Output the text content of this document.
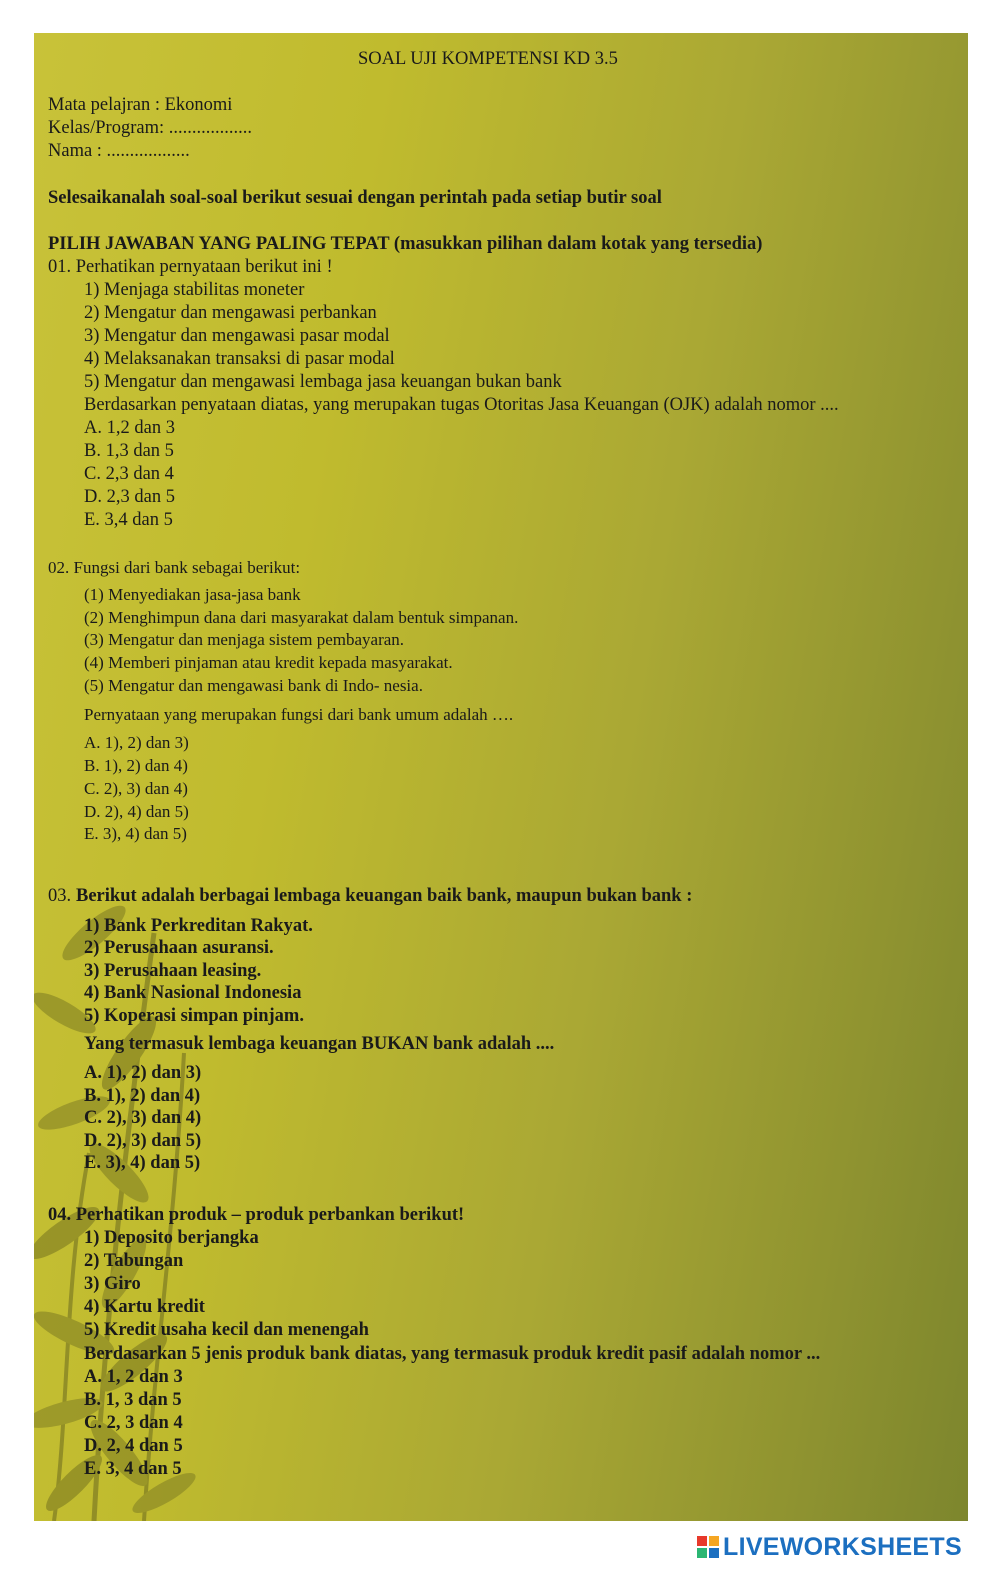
SOAL UJI KOMPETENSI KD 3.5
Mata pelajran : Ekonomi
Kelas/Program: ..................
Nama : ..................
Selesaikanalah soal-soal berikut sesuai dengan perintah pada setiap butir soal
PILIH JAWABAN YANG PALING TEPAT (masukkan pilihan dalam kotak yang tersedia)
01. Perhatikan pernyataan berikut ini !
1) Menjaga stabilitas moneter
2) Mengatur dan mengawasi perbankan
3) Mengatur dan mengawasi pasar modal
4) Melaksanakan transaksi di pasar modal
5) Mengatur dan mengawasi lembaga jasa keuangan bukan bank
Berdasarkan penyataan diatas, yang merupakan tugas Otoritas Jasa Keuangan (OJK) adalah nomor ....
A. 1,2 dan 3
B. 1,3 dan 5
C. 2,3 dan 4
D. 2,3 dan 5
E. 3,4 dan 5
02. Fungsi dari bank sebagai berikut:
(1) Menyediakan jasa-jasa bank
(2) Menghimpun dana dari masyarakat dalam bentuk simpanan.
(3) Mengatur dan menjaga sistem pembayaran.
(4) Memberi pinjaman atau kredit kepada masyarakat.
(5) Mengatur dan mengawasi bank di Indo- nesia.
Pernyataan yang merupakan fungsi dari bank umum adalah ….
A. 1), 2) dan 3)
B. 1), 2) dan 4)
C. 2), 3) dan 4)
D. 2), 4) dan 5)
E. 3), 4) dan 5)
03. Berikut adalah berbagai lembaga keuangan baik bank, maupun bukan bank :
1) Bank Perkreditan Rakyat.
2) Perusahaan asuransi.
3) Perusahaan leasing.
4) Bank Nasional Indonesia
5) Koperasi simpan pinjam.
Yang termasuk lembaga keuangan BUKAN bank adalah ....
A. 1), 2) dan 3)
B. 1), 2) dan 4)
C. 2), 3) dan 4)
D. 2), 3) dan 5)
E. 3), 4) dan 5)
04. Perhatikan produk – produk perbankan berikut!
1) Deposito berjangka
2) Tabungan
3) Giro
4) Kartu kredit
5) Kredit usaha kecil dan menengah
Berdasarkan 5 jenis produk bank diatas, yang termasuk produk kredit pasif adalah nomor ...
A. 1, 2 dan 3
B. 1, 3 dan 5
C. 2, 3 dan 4
D. 2, 4 dan 5
E. 3, 4 dan 5
LIVEWORKSHEETS
